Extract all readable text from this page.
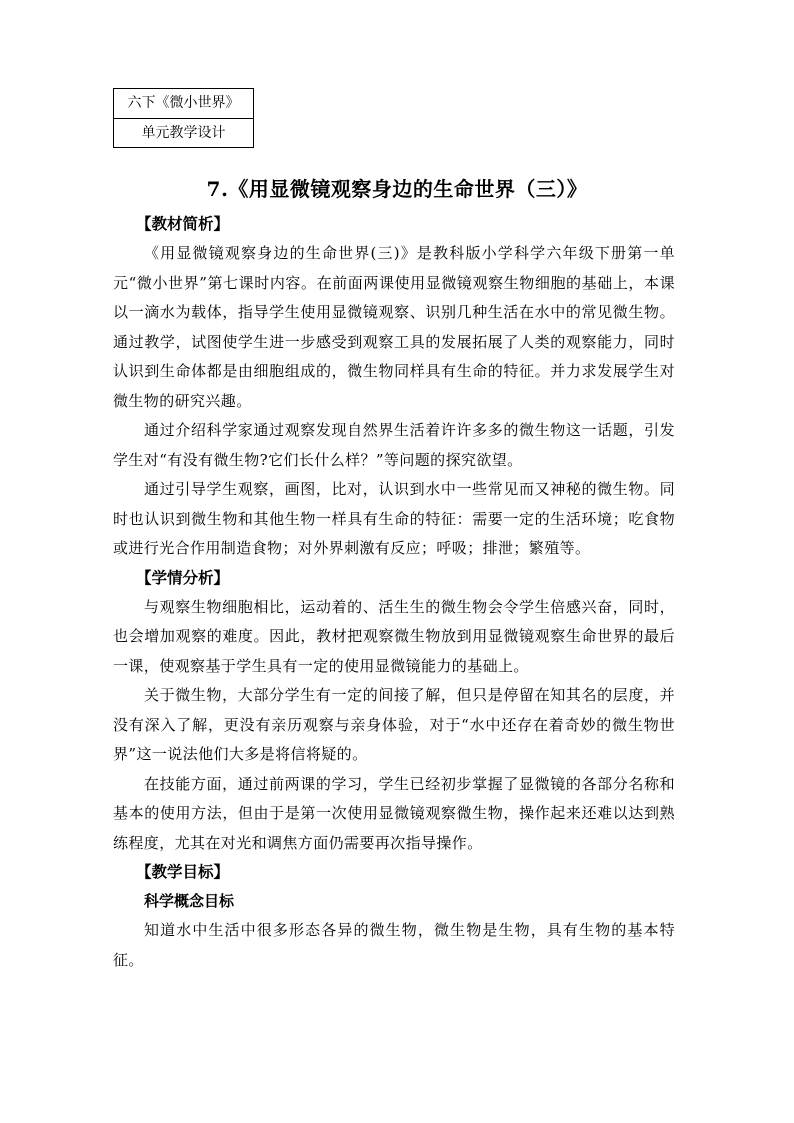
六下《微小世界》
单元教学设计
7.《用显微镜观察身边的生命世界（三）》
【教材简析】

《用显微镜观察身边的生命世界(三)》是教科版小学科学六年级下册第一单元“微小世界”第七课时内容。在前面两课使用显微镜观察生物细胞的基础上，本课以一滴水为载体，指导学生使用显微镜观察、识别几种生活在水中的常见微生物。通过教学，试图使学生进一步感受到观察工具的发展拓展了人类的观察能力，同时认识到生命体都是由细胞组成的，微生物同样具有生命的特征。并力求发展学生对微生物的研究兴趣。

通过介绍科学家通过观察发现自然界生活着许许多多的微生物这一话题，引发学生对“有没有微生物?它们长什么样？”等问题的探究欲望。

通过引导学生观察，画图，比对，认识到水中一些常见而又神秘的微生物。同时也认识到微生物和其他生物一样具有生命的特征：需要一定的生活环境；吃食物或进行光合作用制造食物；对外界刺激有反应；呼吸；排泄；繁殖等。

【学情分析】

与观察生物细胞相比，运动着的、活生生的微生物会令学生倍感兴奋，同时，也会增加观察的难度。因此，教材把观察微生物放到用显微镜观察生命世界的最后一课，使观察基于学生具有一定的使用显微镜能力的基础上。

关于微生物，大部分学生有一定的间接了解，但只是停留在知其名的层度，并没有深入了解，更没有亲历观察与亲身体验，对于“水中还存在着奇妙的微生物世界”这一说法他们大多是将信将疑的。

在技能方面，通过前两课的学习，学生已经初步掌握了显微镜的各部分名称和基本的使用方法，但由于是第一次使用显微镜观察微生物，操作起来还难以达到熟练程度，尤其在对光和调焦方面仍需要再次指导操作。

【教学目标】
科学概念目标

知道水中生活中很多形态各异的微生物，微生物是生物，具有生物的基本特征。
